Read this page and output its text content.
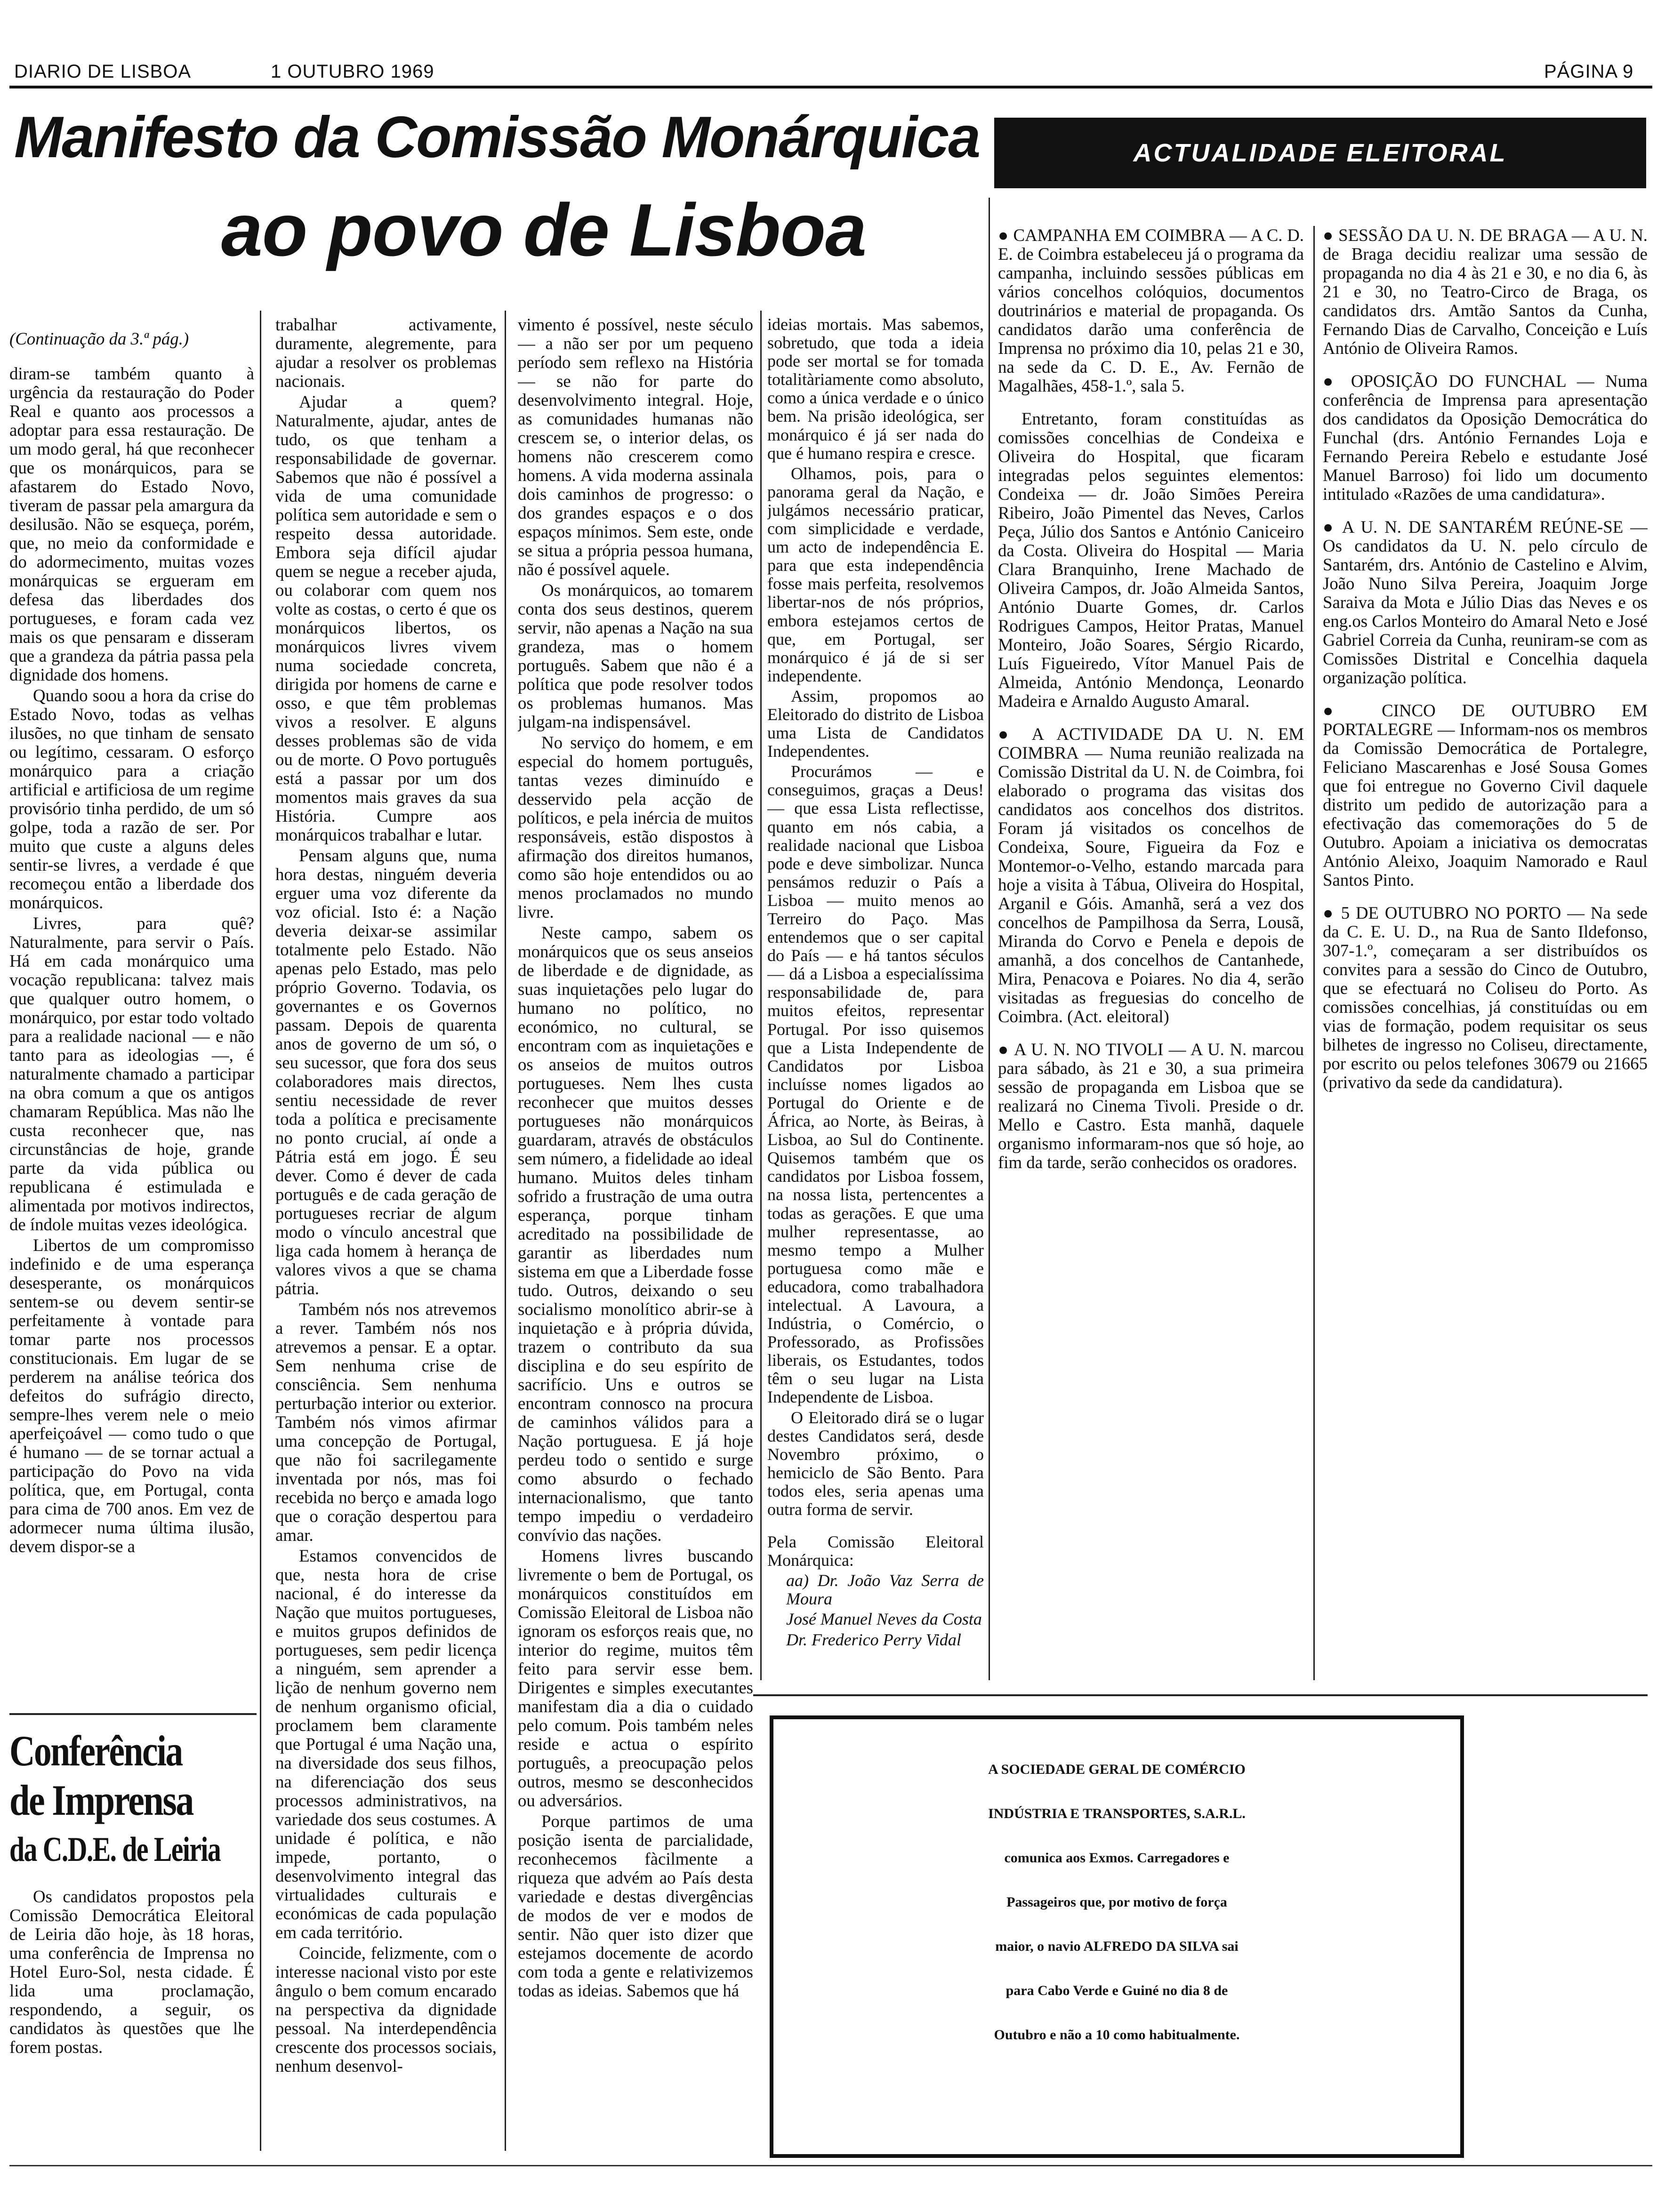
DIARIO DE LISBOA	1 OUTUBRO 1969	PÁGINA 9
Manifesto da Comissão Monárquica
ao povo de Lisboa
ACTUALIDADE ELEITORAL

(Continuação da 3.ª pág.)

diram-se também quanto à urgência da restauração do Poder Real e quanto aos processos a adoptar para essa restauração. De um modo geral, há que reconhecer que os monárquicos, para se afastarem do Estado Novo, tiveram de passar pela amargura da desilusão. Não se esqueça, porém, que, no meio da conformidade e do adormecimento, muitas vozes monárquicas se ergueram em defesa das liberdades dos portugueses, e foram cada vez mais os que pensaram e disseram que a grandeza da pátria passa pela dignidade dos homens.

Quando soou a hora da crise do Estado Novo, todas as velhas ilusões, no que tinham de sensato ou legítimo, cessaram. O esforço monárquico para a criação artificial e artificiosa de um regime provisório tinha perdido, de um só golpe, toda a razão de ser. Por muito que custe a alguns deles sentir-se livres, a verdade é que recomeçou então a liberdade dos monárquicos.

Livres, para quê? Naturalmente, para servir o País. Há em cada monárquico uma vocação republicana: talvez mais que qualquer outro homem, o monárquico, por estar todo voltado para a realidade nacional — e não tanto para as ideologias —, é naturalmente chamado a participar na obra comum a que os antigos chamaram República. Mas não lhe custa reconhecer que, nas circunstâncias de hoje, grande parte da vida pública ou republicana é estimulada e alimentada por motivos indirectos, de índole muitas vezes ideológica.

Libertos de um compromisso indefinido e de uma esperança desesperante, os monárquicos sentem-se ou devem sentir-se perfeitamente à vontade para tomar parte nos processos constitucionais. Em lugar de se perderem na análise teórica dos defeitos do sufrágio directo, sempre-lhes verem nele o meio aperfeiçoável — como tudo o que é humano — de se tornar actual a participação do Povo na vida política, que, em Portugal, conta para cima de 700 anos. Em vez de adormecer numa última ilusão, devem dispor-se a

trabalhar activamente, duramente, alegremente, para ajudar a resolver os problemas nacionais.

Ajudar a quem? Naturalmente, ajudar, antes de tudo, os que tenham a responsabilidade de governar. Sabemos que não é possível a vida de uma comunidade política sem autoridade e sem o respeito dessa autoridade. Embora seja difícil ajudar quem se negue a receber ajuda, ou colaborar com quem nos volte as costas, o certo é que os monárquicos libertos, os monárquicos livres vivem numa sociedade concreta, dirigida por homens de carne e osso, e que têm problemas vivos a resolver. E alguns desses problemas são de vida ou de morte. O Povo português está a passar por um dos momentos mais graves da sua História. Cumpre aos monárquicos trabalhar e lutar.

Pensam alguns que, numa hora destas, ninguém deveria erguer uma voz diferente da voz oficial. Isto é: a Nação deveria deixar-se assimilar totalmente pelo Estado. Não apenas pelo Estado, mas pelo próprio Governo. Todavia, os governantes e os Governos passam. Depois de quarenta anos de governo de um só, o seu sucessor, que fora dos seus colaboradores mais directos, sentiu necessidade de rever toda a política e precisamente no ponto crucial, aí onde a Pátria está em jogo. É seu dever. Como é dever de cada português e de cada geração de portugueses recriar de algum modo o vínculo ancestral que liga cada homem à herança de valores vivos a que se chama pátria.

Também nós nos atrevemos a rever. Também nós nos atrevemos a pensar. E a optar. Sem nenhuma crise de consciência. Sem nenhuma perturbação interior ou exterior. Também nós vimos afirmar uma concepção de Portugal, que não foi sacrilegamente inventada por nós, mas foi recebida no berço e amada logo que o coração despertou para amar.

Estamos convencidos de que, nesta hora de crise nacional, é do interesse da Nação que muitos portugueses, e muitos grupos definidos de portugueses, sem pedir licença a ninguém, sem aprender a lição de nenhum governo nem de nenhum organismo oficial, proclamem bem claramente que Portugal é uma Nação una, na diversidade dos seus filhos, na diferenciação dos seus processos administrativos, na variedade dos seus costumes. A unidade é política, e não impede, portanto, o desenvolvimento integral das virtualidades culturais e económicas de cada população em cada território.

Coincide, felizmente, com o interesse nacional visto por este ângulo o bem comum encarado na perspectiva da dignidade pessoal. Na interdependência crescente dos processos sociais, nenhum desenvol-

vimento é possível, neste século — a não ser por um pequeno período sem reflexo na História — se não for parte do desenvolvimento integral. Hoje, as comunidades humanas não crescem se, o interior delas, os homens não crescerem como homens. A vida moderna assinala dois caminhos de progresso: o dos grandes espaços e o dos espaços mínimos. Sem este, onde se situa a própria pessoa humana, não é possível aquele.

Os monárquicos, ao tomarem conta dos seus destinos, querem servir, não apenas a Nação na sua grandeza, mas o homem português. Sabem que não é a política que pode resolver todos os problemas humanos. Mas julgam-na indispensável.

No serviço do homem, e em especial do homem português, tantas vezes diminuído e desservido pela acção de políticos, e pela inércia de muitos responsáveis, estão dispostos à afirmação dos direitos humanos, como são hoje entendidos ou ao menos proclamados no mundo livre.

Neste campo, sabem os monárquicos que os seus anseios de liberdade e de dignidade, as suas inquietações pelo lugar do humano no político, no económico, no cultural, se encontram com as inquietações e os anseios de muitos outros portugueses. Nem lhes custa reconhecer que muitos desses portugueses não monárquicos guardaram, através de obstáculos sem número, a fidelidade ao ideal humano. Muitos deles tinham sofrido a frustração de uma outra esperança, porque tinham acreditado na possibilidade de garantir as liberdades num sistema em que a Liberdade fosse tudo. Outros, deixando o seu socialismo monolítico abrir-se à inquietação e à própria dúvida, trazem o contributo da sua disciplina e do seu espírito de sacrifício. Uns e outros se encontram connosco na procura de caminhos válidos para a Nação portuguesa. E já hoje perdeu todo o sentido e surge como absurdo o fechado internacionalismo, que tanto tempo impediu o verdadeiro convívio das nações.

Homens livres buscando livremente o bem de Portugal, os monárquicos constituídos em Comissão Eleitoral de Lisboa não ignoram os esforços reais que, no interior do regime, muitos têm feito para servir esse bem. Dirigentes e simples executantes manifestam dia a dia o cuidado pelo comum. Pois também neles reside e actua o espírito português, a preocupação pelos outros, mesmo se desconhecidos ou adversários.

Porque partimos de uma posição isenta de parcialidade, reconhecemos fàcilmente a riqueza que advém ao País desta variedade e destas divergências de modos de ver e modos de sentir. Não quer isto dizer que estejamos docemente de acordo com toda a gente e relativizemos todas as ideias. Sabemos que há

ideias mortais. Mas sabemos, sobretudo, que toda a ideia pode ser mortal se for tomada totalitàriamente como absoluto, como a única verdade e o único bem. Na prisão ideológica, ser monárquico é já ser nada do que é humano respira e cresce.

Olhamos, pois, para o panorama geral da Nação, e julgámos necessário praticar, com simplicidade e verdade, um acto de independência E. para que esta independência fosse mais perfeita, resolvemos libertar-nos de nós próprios, embora estejamos certos de que, em Portugal, ser monárquico é já de si ser independente.

Assim, propomos ao Eleitorado do distrito de Lisboa uma Lista de Candidatos Independentes.

Procurámos — e conseguimos, graças a Deus! — que essa Lista reflectisse, quanto em nós cabia, a realidade nacional que Lisboa pode e deve simbolizar. Nunca pensámos reduzir o País a Lisboa — muito menos ao Terreiro do Paço. Mas entendemos que o ser capital do País — e há tantos séculos — dá a Lisboa a especialíssima responsabilidade de, para muitos efeitos, representar Portugal. Por isso quisemos que a Lista Independente de Candidatos por Lisboa incluísse nomes ligados ao Portugal do Oriente e de África, ao Norte, às Beiras, à Lisboa, ao Sul do Continente. Quisemos também que os candidatos por Lisboa fossem, na nossa lista, pertencentes a todas as gerações. E que uma mulher representasse, ao mesmo tempo a Mulher portuguesa como mãe e educadora, como trabalhadora intelectual. A Lavoura, a Indústria, o Comércio, o Professorado, as Profissões liberais, os Estudantes, todos têm o seu lugar na Lista Independente de Lisboa.

O Eleitorado dirá se o lugar destes Candidatos será, desde Novembro próximo, o hemiciclo de São Bento. Para todos eles, seria apenas uma outra forma de servir.

Pela Comissão Eleitoral Monárquica:

aa) Dr. João Vaz Serra de Moura

José Manuel Neves da Costa

Dr. Frederico Perry Vidal

● CAMPANHA EM COIMBRA — A C. D. E. de Coimbra estabeleceu já o programa da campanha, incluindo sessões públicas em vários concelhos colóquios, documentos doutrinários e material de propaganda. Os candidatos darão uma conferência de Imprensa no próximo dia 10, pelas 21 e 30, na sede da C. D. E., Av. Fernão de Magalhães, 458-1.º, sala 5.

Entretanto, foram constituídas as comissões concelhias de Condeixa e Oliveira do Hospital, que ficaram integradas pelos seguintes elementos: Condeixa — dr. João Simões Pereira Ribeiro, João Pimentel das Neves, Carlos Peça, Júlio dos Santos e António Caniceiro da Costa. Oliveira do Hospital — Maria Clara Branquinho, Irene Machado de Oliveira Campos, dr. João Almeida Santos, António Duarte Gomes, dr. Carlos Rodrigues Campos, Heitor Pratas, Manuel Monteiro, João Soares, Sérgio Ricardo, Luís Figueiredo, Vítor Manuel Pais de Almeida, António Mendonça, Leonardo Madeira e Arnaldo Augusto Amaral.

● A ACTIVIDADE DA U. N. EM COIMBRA — Numa reunião realizada na Comissão Distrital da U. N. de Coimbra, foi elaborado o programa das visitas dos candidatos aos concelhos dos distritos. Foram já visitados os concelhos de Condeixa, Soure, Figueira da Foz e Montemor-o-Velho, estando marcada para hoje a visita à Tábua, Oliveira do Hospital, Arganil e Góis. Amanhã, será a vez dos concelhos de Pampilhosa da Serra, Lousã, Miranda do Corvo e Penela e depois de amanhã, a dos concelhos de Cantanhede, Mira, Penacova e Poiares. No dia 4, serão visitadas as freguesias do concelho de Coimbra. (Act. eleitoral)

● A U. N. NO TIVOLI — A U. N. marcou para sábado, às 21 e 30, a sua primeira sessão de propaganda em Lisboa que se realizará no Cinema Tivoli. Preside o dr. Mello e Castro. Esta manhã, daquele organismo informaram-nos que só hoje, ao fim da tarde, serão conhecidos os oradores.

● SESSÃO DA U. N. DE BRAGA — A U. N. de Braga decidiu realizar uma sessão de propaganda no dia 4 às 21 e 30, e no dia 6, às 21 e 30, no Teatro-Circo de Braga, os candidatos drs. Amtão Santos da Cunha, Fernando Dias de Carvalho, Conceição e Luís António de Oliveira Ramos.

● OPOSIÇÃO DO FUNCHAL — Numa conferência de Imprensa para apresentação dos candidatos da Oposição Democrática do Funchal (drs. António Fernandes Loja e Fernando Pereira Rebelo e estudante José Manuel Barroso) foi lido um documento intitulado «Razões de uma candidatura».

● A U. N. DE SANTARÉM REÚNE-SE — Os candidatos da U. N. pelo círculo de Santarém, drs. António de Castelino e Alvim, João Nuno Silva Pereira, Joaquim Jorge Saraiva da Mota e Júlio Dias das Neves e os eng.os Carlos Monteiro do Amaral Neto e José Gabriel Correia da Cunha, reuniram-se com as Comissões Distrital e Concelhia daquela organização política.

● CINCO DE OUTUBRO EM PORTALEGRE — Informam-nos os membros da Comissão Democrática de Portalegre, Feliciano Mascarenhas e José Sousa Gomes que foi entregue no Governo Civil daquele distrito um pedido de autorização para a efectivação das comemorações do 5 de Outubro. Apoiam a iniciativa os democratas António Aleixo, Joaquim Namorado e Raul Santos Pinto.

● 5 DE OUTUBRO NO PORTO — Na sede da C. E. U. D., na Rua de Santo Ildefonso, 307-1.º, começaram a ser distribuídos os convites para a sessão do Cinco de Outubro, que se efectuará no Coliseu do Porto. As comissões concelhias, já constituídas ou em vias de formação, podem requisitar os seus bilhetes de ingresso no Coliseu, directamente, por escrito ou pelos telefones 30679 ou 21665 (privativo da sede da candidatura).

Conferência
de Imprensa
da C.D.E. de Leiria

Os candidatos propostos pela Comissão Democrática Eleitoral de Leiria dão hoje, às 18 horas, uma conferência de Imprensa no Hotel Euro-Sol, nesta cidade. É lida uma proclamação, respondendo, a seguir, os candidatos às questões que lhe forem postas.

A SOCIEDADE GERAL DE COMÉRCIO
INDÚSTRIA E TRANSPORTES, S.A.R.L.
comunica aos Exmos. Carregadores e
Passageiros que, por motivo de força
maior, o navio ALFREDO DA SILVA sai
para Cabo Verde e Guiné no dia 8 de
Outubro e não a 10 como habitualmente.
